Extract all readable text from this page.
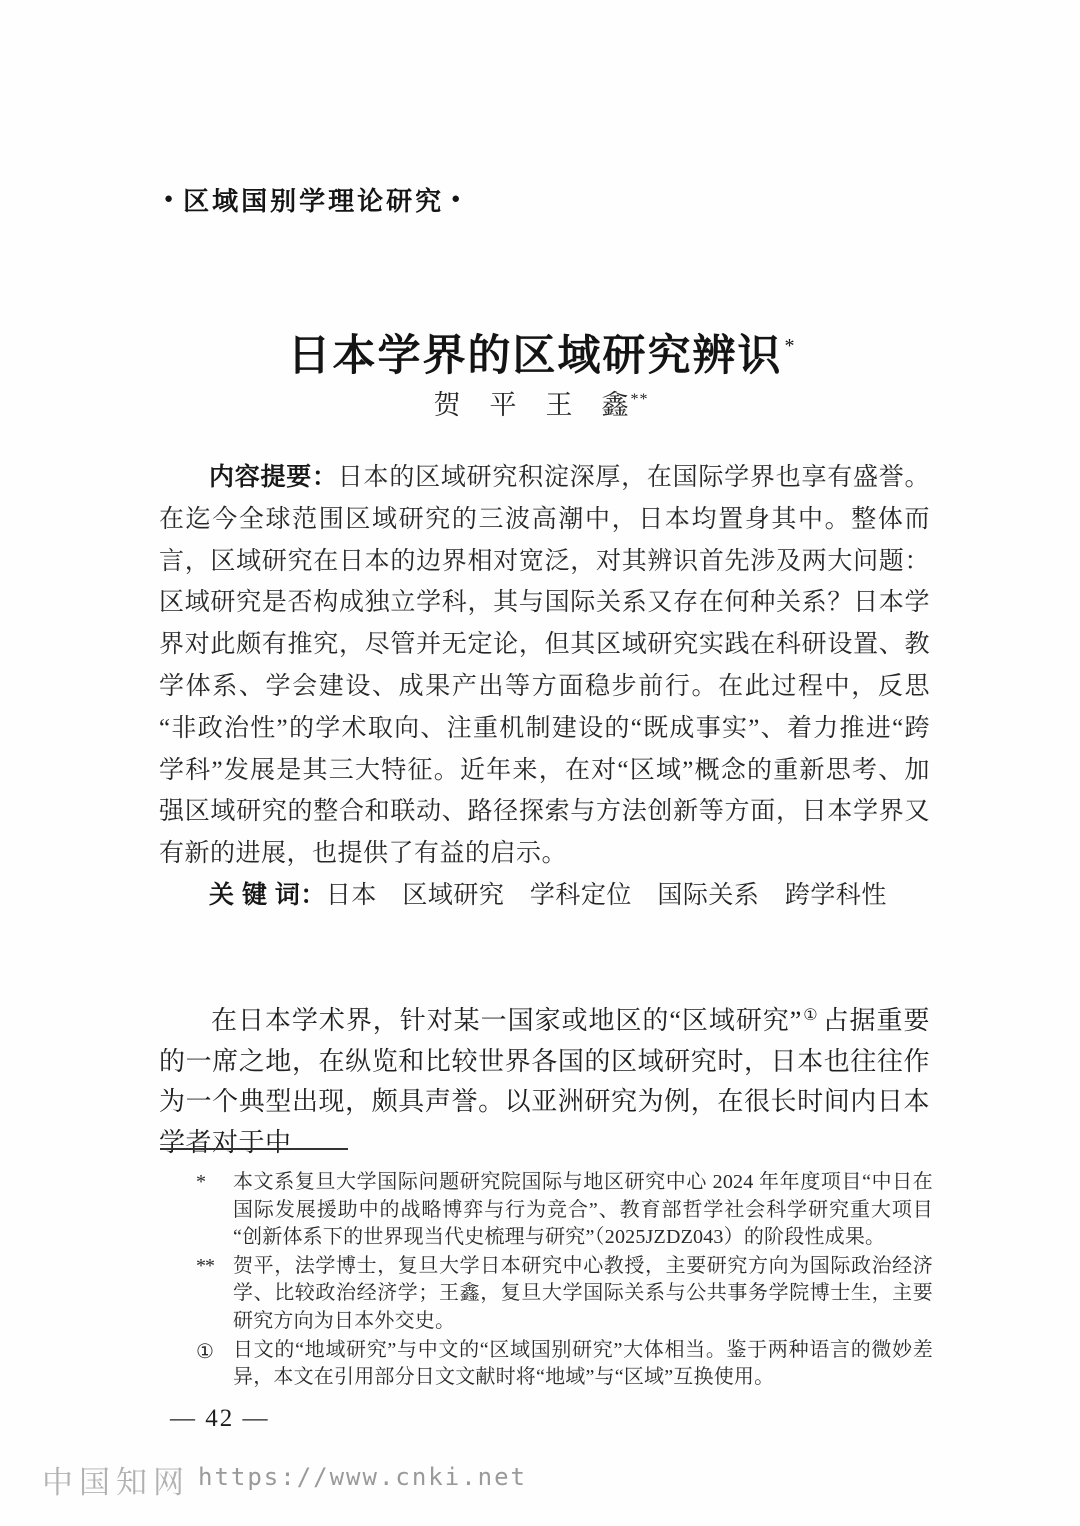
● 区域国别学理论研究 ●
日本学界的区域研究辨识 *
贺　平　王　鑫**

内容提要：日本的区域研究积淀深厚，在国际学界也享有盛誉。在迄今全球范围区域研究的三波高潮中，日本均置身其中。整体而言，区域研究在日本的边界相对宽泛，对其辨识首先涉及两大问题：区域研究是否构成独立学科，其与国际关系又存在何种关系？日本学界对此颇有推究，尽管并无定论，但其区域研究实践在科研设置、教学体系、学会建设、成果产出等方面稳步前行。在此过程中，反思“非政治性”的学术取向、注重机制建设的“既成事实”、着力推进“跨学科”发展是其三大特征。近年来，在对“区域”概念的重新思考、加强区域研究的整合和联动、路径探索与方法创新等方面，日本学界又有新的进展，也提供了有益的启示。

关 键 词：日本　区域研究　学科定位　国际关系　跨学科性

在日本学术界，针对某一国家或地区的“区域研究”① 占据重要的一席之地，在纵览和比较世界各国的区域研究时，日本也往往作为一个典型出现，颇具声誉。以亚洲研究为例，在很长时间内日本学者对于中

*	本文系复旦大学国际问题研究院国际与地区研究中心 2024 年年度项目“中日在国际发展援助中的战略博弈与行为竞合”、教育部哲学社会科学研究重大项目“创新体系下的世界现当代史梳理与研究”（2025JZDZ043）的阶段性成果。
** 贺平，法学博士，复旦大学日本研究中心教授，主要研究方向为国际政治经济学、比较政治经济学；王鑫，复旦大学国际关系与公共事务学院博士生，主要研究方向为日本外交史。
①	日文的“地域研究”与中文的“区域国别研究”大体相当。鉴于两种语言的微妙差异，本文在引用部分日文文献时将“地域”与“区域”互换使用。
— 42 —
中国知网 https://www.cnki.net
